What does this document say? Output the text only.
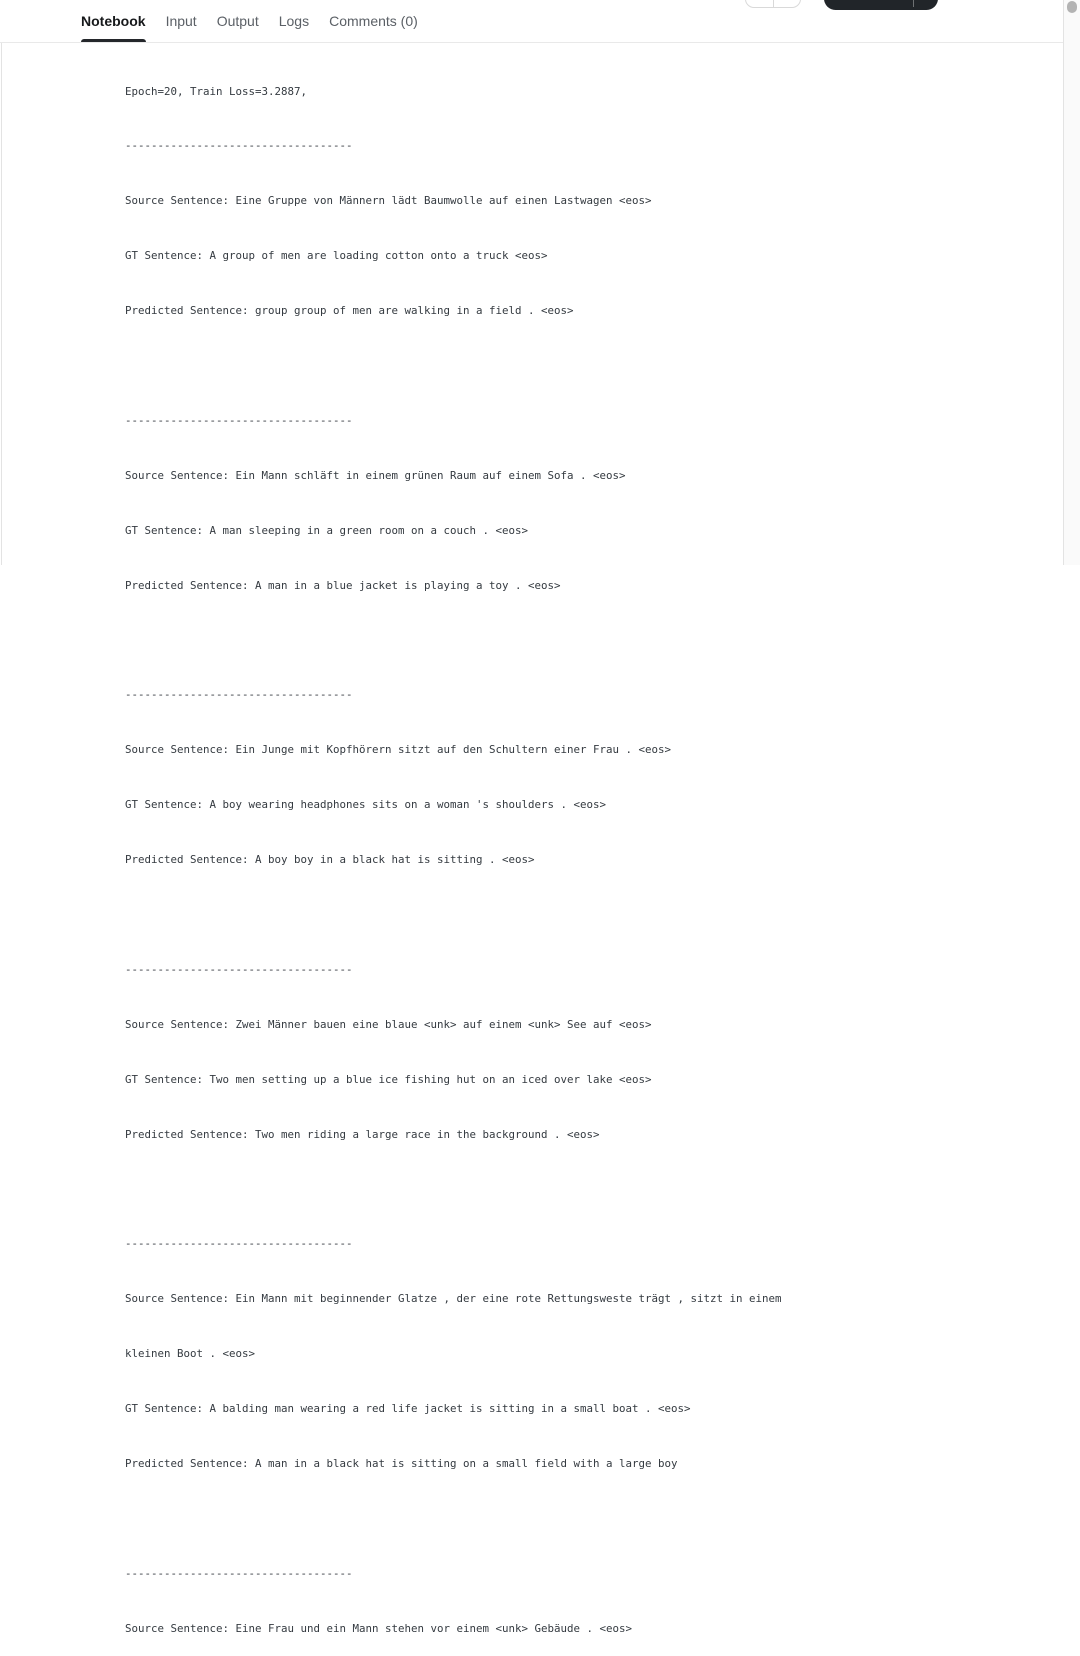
Notebook Input Output Logs Comments (0)

Epoch=20, Train Loss=3.2887,

-----------------------------------

Source Sentence: Eine Gruppe von Männern lädt Baumwolle auf einen Lastwagen <eos>

GT Sentence: A group of men are loading cotton onto a truck <eos>

Predicted Sentence: group group of men are walking in a field . <eos>

-----------------------------------

Source Sentence: Ein Mann schläft in einem grünen Raum auf einem Sofa . <eos>

GT Sentence: A man sleeping in a green room on a couch . <eos>

Predicted Sentence: A man in a blue jacket is playing a toy . <eos>

-----------------------------------

Source Sentence: Ein Junge mit Kopfhörern sitzt auf den Schultern einer Frau . <eos>

GT Sentence: A boy wearing headphones sits on a woman 's shoulders . <eos>

Predicted Sentence: A boy boy in a black hat is sitting . <eos>

-----------------------------------

Source Sentence: Zwei Männer bauen eine blaue <unk> auf einem <unk> See auf <eos>

GT Sentence: Two men setting up a blue ice fishing hut on an iced over lake <eos>

Predicted Sentence: Two men riding a large race in the background . <eos>

-----------------------------------

Source Sentence: Ein Mann mit beginnender Glatze , der eine rote Rettungsweste trägt , sitzt in einem

kleinen Boot . <eos>

GT Sentence: A balding man wearing a red life jacket is sitting in a small boat . <eos>

Predicted Sentence: A man in a black hat is sitting on a small field with a large boy

-----------------------------------

Source Sentence: Eine Frau und ein Mann stehen vor einem <unk> Gebäude . <eos>
